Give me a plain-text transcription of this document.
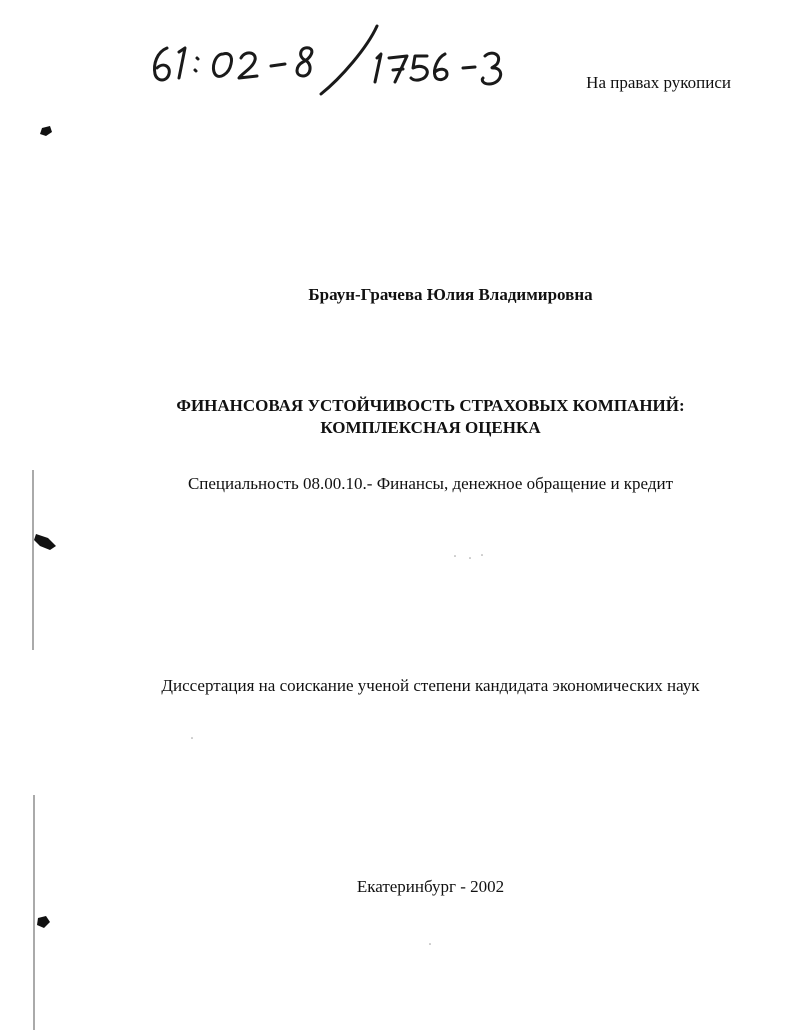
На правах рукописи
Браун-Грачева Юлия Владимировна
ФИНАНСОВАЯ УСТОЙЧИВОСТЬ СТРАХОВЫХ КОМПАНИЙ:
КОМПЛЕКСНАЯ ОЦЕНКА
Специальность 08.00.10.- Финансы, денежное обращение и кредит
Диссертация на соискание ученой степени кандидата экономических наук
Екатеринбург - 2002
